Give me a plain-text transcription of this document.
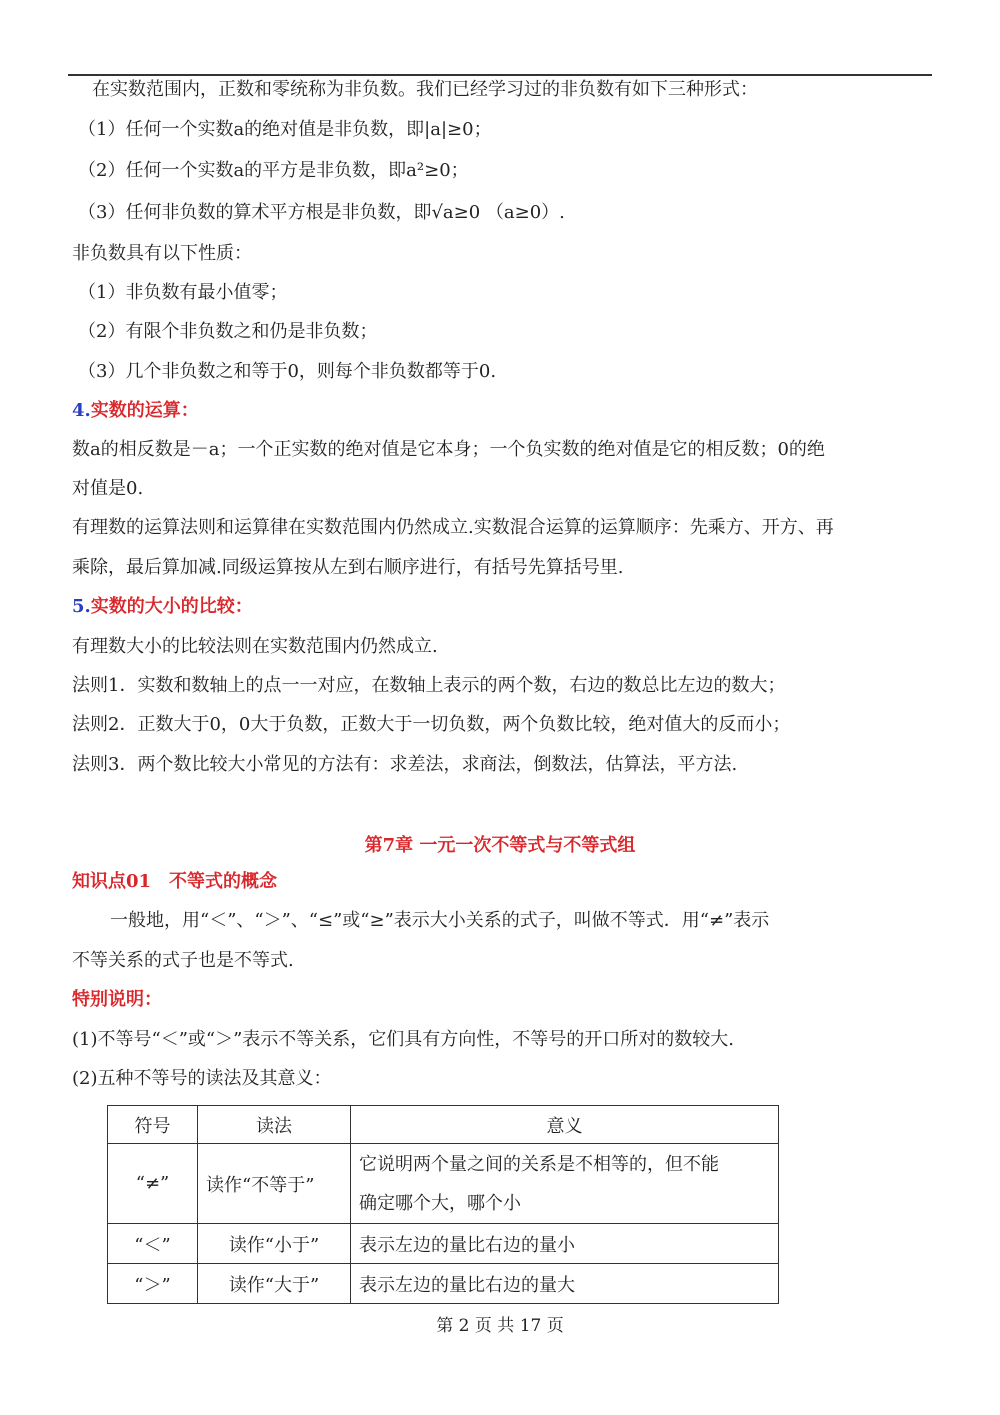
在实数范围内，正数和零统称为非负数。我们已经学习过的非负数有如下三种形式：
（1）任何一个实数a的绝对值是非负数，即|a|≥0；
（2）任何一个实数a的平方是非负数，即a²≥0；
（3）任何非负数的算术平方根是非负数，即√a≥0 （a≥0）.
非负数具有以下性质：
（1）非负数有最小值零；
（2）有限个非负数之和仍是非负数；
（3）几个非负数之和等于0，则每个非负数都等于0.
4.实数的运算：
数a的相反数是－a；一个正实数的绝对值是它本身；一个负实数的绝对值是它的相反数；0的绝
对值是0.
有理数的运算法则和运算律在实数范围内仍然成立.实数混合运算的运算顺序：先乘方、开方、再
乘除，最后算加减.同级运算按从左到右顺序进行，有括号先算括号里.
5.实数的大小的比较：
有理数大小的比较法则在实数范围内仍然成立.
法则1．实数和数轴上的点一一对应，在数轴上表示的两个数，右边的数总比左边的数大；
法则2．正数大于0，0大于负数，正数大于一切负数，两个负数比较，绝对值大的反而小；
法则3．两个数比较大小常见的方法有：求差法，求商法，倒数法，估算法，平方法.
第7章 一元一次不等式与不等式组
知识点01　不等式的概念
一般地，用“＜”、“＞”、“≤”或“≥”表示大小关系的式子，叫做不等式．用“≠”表示
不等关系的式子也是不等式.
特别说明：
(1)不等号“＜”或“＞”表示不等关系，它们具有方向性，不等号的开口所对的数较大.
(2)五种不等号的读法及其意义：
符号	读法	意义
“≠”	读作“不等于”	它说明两个量之间的关系是不相等的，但不能
确定哪个大，哪个小

“＜”	读作“小于”	表示左边的量比右边的量小
“＞”	读作“大于”	表示左边的量比右边的量大
第 2 页 共 17 页
